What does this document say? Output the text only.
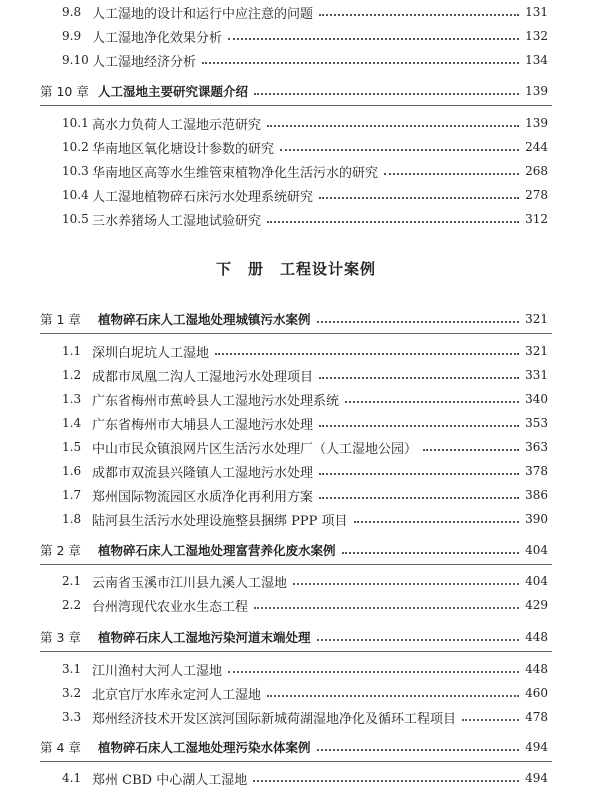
9.8 人工湿地的设计和运行中应注意的问题	131
9.9 人工湿地净化效果分析	132
9.10 人工湿地经济分析	134
第 10 章 人工湿地主要研究课题介绍	139
10.1 高水力负荷人工湿地示范研究	139
10.2 华南地区氧化塘设计参数的研究	244
10.3 华南地区高等水生维管束植物净化生活污水的研究	268
10.4 人工湿地植物碎石床污水处理系统研究	278
10.5 三水养猪场人工湿地试验研究	312
下　册　工程设计案例
第 1 章	植物碎石床人工湿地处理城镇污水案例	321
1.1 深圳白坭坑人工湿地	321
1.2 成都市凤凰二沟人工湿地污水处理项目	331
1.3 广东省梅州市蕉岭县人工湿地污水处理系统	340
1.4 广东省梅州市大埔县人工湿地污水处理	353
1.5 中山市民众镇浪网片区生活污水处理厂（人工湿地公园）	363
1.6 成都市双流县兴隆镇人工湿地污水处理	378
1.7 郑州国际物流园区水质净化再利用方案	386
1.8 陆河县生活污水处理设施整县捆绑 PPP 项目	390
第 2 章	植物碎石床人工湿地处理富营养化废水案例	404
2.1 云南省玉溪市江川县九溪人工湿地	404
2.2 台州湾现代农业水生态工程	429
第 3 章	植物碎石床人工湿地污染河道末端处理	448
3.1 江川渔村大河人工湿地	448
3.2 北京官厅水库永定河人工湿地	460
3.3 郑州经济技术开发区滨河国际新城荷湖湿地净化及循环工程项目	478
第 4 章	植物碎石床人工湿地处理污染水体案例	494
4.1 郑州 CBD 中心湖人工湿地	494
